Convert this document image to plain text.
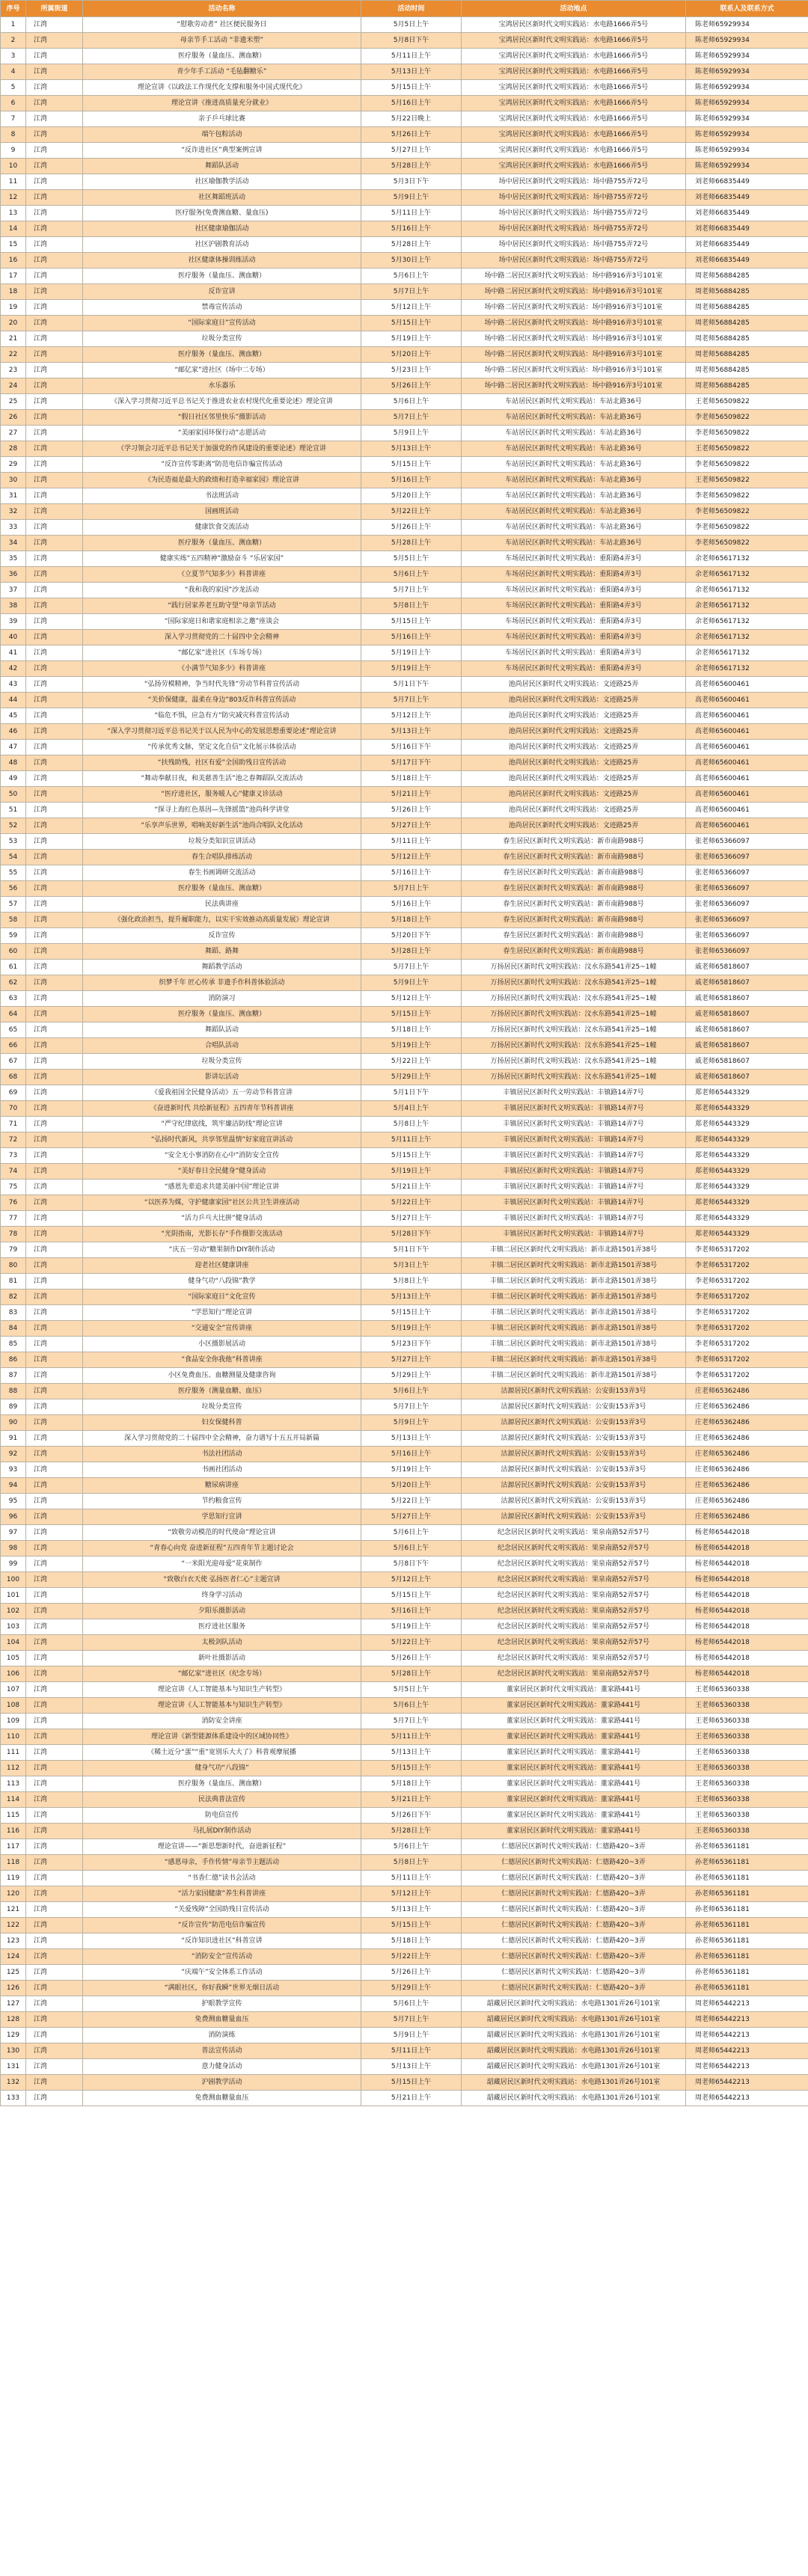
序号	所属街道	活动名称	活动时间	活动地点	联系人及联系方式
1	江湾	“慰歌劳动者” 社区便民服务日	5月5日上午	宝鸿居民区新时代文明实践站：水电路1666弄5号	陈老师65929934
2	江湾	母亲节手工活动 “非遗米塑”	5月8日下午	宝鸿居民区新时代文明实践站：水电路1666弄5号	陈老师65929934
3	江湾	医疗服务（量血压、测血糖）	5月11日上午	宝鸿居民区新时代文明实践站：水电路1666弄5号	陈老师65929934
4	江湾	青少年手工活动 “毛毡翻糖乐”	5月13日上午	宝鸿居民区新时代文明实践站：水电路1666弄5号	陈老师65929934
5	江湾	理论宣讲《以政法工作现代化支撑和服务中国式现代化》	5月15日上午	宝鸿居民区新时代文明实践站：水电路1666弄5号	陈老师65929934
6	江湾	理论宣讲《推进高质量充分就业》	5月16日上午	宝鸿居民区新时代文明实践站：水电路1666弄5号	陈老师65929934
7	江湾	亲子乒乓球比赛	5月22日晚上	宝鸿居民区新时代文明实践站：水电路1666弄5号	陈老师65929934
8	江湾	端午包粽活动	5月26日上午	宝鸿居民区新时代文明实践站：水电路1666弄5号	陈老师65929934
9	江湾	“反诈进社区”典型案例宣讲	5月27日上午	宝鸿居民区新时代文明实践站：水电路1666弄5号	陈老师65929934
10	江湾	舞蹈队活动	5月28日上午	宝鸿居民区新时代文明实践站：水电路1666弄5号	陈老师65929934
11	江湾	社区瑜伽教学活动	5月3日下午	场中居民区新时代文明实践站：场中路755弄72号	刘老师66835449
12	江湾	社区舞蹈班活动	5月9日上午	场中居民区新时代文明实践站：场中路755弄72号	刘老师66835449
13	江湾	医疗服务(免费测血糖、量血压)	5月11日上午	场中居民区新时代文明实践站：场中路755弄72号	刘老师66835449
14	江湾	社区健康瑜伽活动	5月16日上午	场中居民区新时代文明实践站：场中路755弄72号	刘老师66835449
15	江湾	社区沪剧教育活动	5月28日上午	场中居民区新时代文明实践站：场中路755弄72号	刘老师66835449
16	江湾	社区健康体操训练活动	5月30日上午	场中居民区新时代文明实践站：场中路755弄72号	刘老师66835449
17	江湾	医疗服务（量血压、测血糖）	5月6日上午	场中路二居民区新时代文明实践站：场中路916弄3号101室	周老师56884285
18	江湾	反诈宣讲	5月7日上午	场中路二居民区新时代文明实践站：场中路916弄3号101室	周老师56884285
19	江湾	禁毒宣传活动	5月12日上午	场中路二居民区新时代文明实践站：场中路916弄3号101室	周老师56884285
20	江湾	“国际家庭日”宣传活动	5月15日上午	场中路二居民区新时代文明实践站：场中路916弄3号101室	周老师56884285
21	江湾	垃圾分类宣传	5月19日上午	场中路二居民区新时代文明实践站：场中路916弄3号101室	周老师56884285
22	江湾	医疗服务（量血压、测血糖）	5月20日上午	场中路二居民区新时代文明实践站：场中路916弄3号101室	周老师56884285
23	江湾	“邮亿家”进社区（场中二专场）	5月23日上午	场中路二居民区新时代文明实践站：场中路916弄3号101室	周老师56884285
24	江湾	水乐器乐	5月26日上午	场中路二居民区新时代文明实践站：场中路916弄3号101室	周老师56884285
25	江湾	《深入学习贯彻习近平总书记关于推进农业农村现代化重要论述》理论宣讲	5月6日上午	车站居民区新时代文明实践站：车站北路36号	王老师56509822
26	江湾	“假日社区邻里快乐”摄影活动	5月7日上午	车站居民区新时代文明实践站：车站北路36号	李老师56509822
27	江湾	“美丽家园环保行动”志愿活动	5月9日上午	车站居民区新时代文明实践站：车站北路36号	李老师56509822
28	江湾	《学习领会习近平总书记关于加强党的作风建设的重要论述》理论宣讲	5月13日上午	车站居民区新时代文明实践站：车站北路36号	王老师56509822
29	江湾	“反诈宣传零距离”防范电信诈骗宣传活动	5月15日上午	车站居民区新时代文明实践站：车站北路36号	李老师56509822
30	江湾	《为民造福是最大的政绩和打造幸福家园》理论宣讲	5月16日上午	车站居民区新时代文明实践站：车站北路36号	王老师56509822
31	江湾	书法班活动	5月20日上午	车站居民区新时代文明实践站：车站北路36号	李老师56509822
32	江湾	国画班活动	5月22日上午	车站居民区新时代文明实践站：车站北路36号	李老师56509822
33	江湾	健康饮食交流活动	5月26日上午	车站居民区新时代文明实践站：车站北路36号	李老师56509822
34	江湾	医疗服务（量血压、测血糖）	5月28日上午	车站居民区新时代文明实践站：车站北路36号	李老师56509822
35	江湾	健康实练“五四精神”激励奋斗 “乐居家园”	5月5日上午	车场居民区新时代文明实践站：重阳路4弄3号	余老师65617132
36	江湾	《立夏节气知多少》科普讲座	5月6日上午	车场居民区新时代文明实践站：重阳路4弄3号	余老师65617132
37	江湾	“我和我的家园”沙龙活动	5月7日上午	车场居民区新时代文明实践站：重阳路4弄3号	余老师65617132
38	江湾	“践行居家养老互助守望”母亲节活动	5月8日上午	车场居民区新时代文明实践站：重阳路4弄3号	余老师65617132
39	江湾	“国际家庭日和谐家庭相亲之邀”座谈会	5月15日上午	车场居民区新时代文明实践站：重阳路4弄3号	余老师65617132
40	江湾	深入学习贯彻党的二十届四中全会精神	5月16日上午	车场居民区新时代文明实践站：重阳路4弄3号	余老师65617132
41	江湾	“邮亿家”进社区（车场专场）	5月19日上午	车场居民区新时代文明实践站：重阳路4弄3号	余老师65617132
42	江湾	《小满节气知多少》科普讲座	5月19日上午	车场居民区新时代文明实践站：重阳路4弄3号	余老师65617132
43	江湾	“弘扬劳模精神，争当时代先锋”劳动节科普宣传活动	5月1日下午	池尚居民区新时代文明实践站：文迹路25弄	高老师65600461
44	江湾	“关价保健康，温柔在身边”803反诈科普宣传活动	5月7日上午	池尚居民区新时代文明实践站：文迹路25弄	高老师65600461
45	江湾	“临危不惧，应急有方”防灾减灾科普宣传活动	5月12日上午	池尚居民区新时代文明实践站：文迹路25弄	高老师65600461
46	江湾	“深入学习贯彻习近平总书记关于以人民为中心的发展思想重要论述”理论宣讲	5月13日上午	池尚居民区新时代文明实践站：文迹路25弄	高老师65600461
47	江湾	“传承优秀文脉，坚定文化自信”文化展示体验活动	5月16日下午	池尚居民区新时代文明实践站：文迹路25弄	高老师65600461
48	江湾	“扶残助残，社区有爱”全国助残日宣传活动	5月17日下午	池尚居民区新时代文明实践站：文迹路25弄	高老师65600461
49	江湾	“舞动奉献日夜，和美慈善生活”池之春舞蹈队交流活动	5月18日上午	池尚居民区新时代文明实践站：文迹路25弄	高老师65600461
50	江湾	“医疗进社区，服务暖人心”健康义诊活动	5月21日上午	池尚居民区新时代文明实践站：文迹路25弄	高老师65600461
51	江湾	“探寻上海红色基因—先锋摇篮”池尚科学讲堂	5月26日上午	池尚居民区新时代文明实践站：文迹路25弄	高老师65600461
52	江湾	“乐享声乐世界，唱响美好新生活”池尚合唱队文化活动	5月27日上午	池尚居民区新时代文明实践站：文迹路25弄	高老师65600461
53	江湾	垃圾分类知识宣讲活动	5月11日上午	春生居民区新时代文明实践站：新市南路988号	张老师65366097
54	江湾	春生合唱队排练活动	5月12日上午	春生居民区新时代文明实践站：新市南路988号	张老师65366097
55	江湾	春生书画调研交流活动	5月16日上午	春生居民区新时代文明实践站：新市南路988号	张老师65366097
56	江湾	医疗服务（量血压、测血糖）	5月7日上午	春生居民区新时代文明实践站：新市南路988号	张老师65366097
57	江湾	民法典讲座	5月16日上午	春生居民区新时代文明实践站：新市南路988号	张老师65366097
58	江湾	《强化政治担当，提升履职能力，以实干实效推动高质量发展》理论宣讲	5月18日上午	春生居民区新时代文明实践站：新市南路988号	张老师65366097
59	江湾	反诈宣传	5月20日下午	春生居民区新时代文明实践站：新市南路988号	张老师65366097
60	江湾	舞蹈、路舞	5月28日上午	春生居民区新时代文明实践站：新市南路988号	张老师65366097
61	江湾	舞蹈教学活动	5月7日上午	万扬居民区新时代文明实践站：汶水东路541弄25~1幢	戚老师65818607
62	江湾	织梦千年 匠心传承 非遗手作科普体验活动	5月9日上午	万扬居民区新时代文明实践站：汶水东路541弄25~1幢	戚老师65818607
63	江湾	消防演习	5月12日上午	万扬居民区新时代文明实践站：汶水东路541弄25~1幢	戚老师65818607
64	江湾	医疗服务（量血压、测血糖）	5月15日上午	万扬居民区新时代文明实践站：汶水东路541弄25~1幢	戚老师65818607
65	江湾	舞蹈队活动	5月18日上午	万扬居民区新时代文明实践站：汶水东路541弄25~1幢	戚老师65818607
66	江湾	合唱队活动	5月19日上午	万扬居民区新时代文明实践站：汶水东路541弄25~1幢	戚老师65818607
67	江湾	垃圾分类宣传	5月22日上午	万扬居民区新时代文明实践站：汶水东路541弄25~1幢	戚老师65818607
68	江湾	影讲坛活动	5月29日上午	万扬居民区新时代文明实践站：汶水东路541弄25~1幢	戚老师65818607
69	江湾	《爱我祖国全民健身活动》五一劳动节科普宣讲	5月1日下午	丰镇居民区新时代文明实践站：丰镇路14弄7号	郑老师65443329
70	江湾	《奋进新时代 共绘新征程》五四青年节科普讲座	5月4日上午	丰镇居民区新时代文明实践站：丰镇路14弄7号	郑老师65443329
71	江湾	“严守纪律底线，筑牢廉洁防线”理论宣讲	5月8日上午	丰镇居民区新时代文明实践站：丰镇路14弄7号	郑老师65443329
72	江湾	“弘扬时代新风，共享邻里温情”好家庭宣讲活动	5月11日上午	丰镇居民区新时代文明实践站：丰镇路14弄7号	郑老师65443329
73	江湾	“安全无小事消防在心中”消防安全宣传	5月15日上午	丰镇居民区新时代文明实践站：丰镇路14弄7号	郑老师65443329
74	江湾	“美好春日全民健身”健身活动	5月19日上午	丰镇居民区新时代文明实践站：丰镇路14弄7号	郑老师65443329
75	江湾	“感恩先辈追求共建美丽中国”理论宣讲	5月21日上午	丰镇居民区新时代文明实践站：丰镇路14弄7号	郑老师65443329
76	江湾	“以医养为媒，守护健康家园”社区公共卫生讲座活动	5月22日上午	丰镇居民区新时代文明实践站：丰镇路14弄7号	郑老师65443329
77	江湾	“活力乒乓大比拼”健身活动	5月27日上午	丰镇居民区新时代文明实践站：丰镇路14弄7号	郑老师65443329
78	江湾	“光阴指南，光影长存”手作摄影交流活动	5月28日下午	丰镇居民区新时代文明实践站：丰镇路14弄7号	郑老师65443329
79	江湾	“庆五一劳动”糖果制作DIY制作活动	5月1日下午	丰镇二居民区新时代文明实践站：新市北路1501弄38号	李老师65317202
80	江湾	迎老社区健康讲座	5月3日上午	丰镇二居民区新时代文明实践站：新市北路1501弄38号	李老师65317202
81	江湾	健身气功“八段锦”教学	5月8日上午	丰镇二居民区新时代文明实践站：新市北路1501弄38号	李老师65317202
82	江湾	“国际家庭日”文化宣传	5月13日上午	丰镇二居民区新时代文明实践站：新市北路1501弄38号	李老师65317202
83	江湾	“学思知行”理论宣讲	5月15日上午	丰镇二居民区新时代文明实践站：新市北路1501弄38号	李老师65317202
84	江湾	“交通安全”宣传讲座	5月19日上午	丰镇二居民区新时代文明实践站：新市北路1501弄38号	李老师65317202
85	江湾	小区摄影展活动	5月23日下午	丰镇二居民区新时代文明实践站：新市北路1501弄38号	李老师65317202
86	江湾	“食品安全你我他”科普讲座	5月27日上午	丰镇二居民区新时代文明实践站：新市北路1501弄38号	李老师65317202
87	江湾	小区免费血压、血糖测量及健康咨询	5月29日上午	丰镇二居民区新时代文明实践站：新市北路1501弄38号	李老师65317202
88	江湾	医疗服务（测量血糖、血压）	5月6日上午	沽源居民区新时代文明实践站：公安街153弄3号	庄老师65362486
89	江湾	垃圾分类宣传	5月7日上午	沽源居民区新时代文明实践站：公安街153弄3号	庄老师65362486
90	江湾	妇女保健科普	5月9日上午	沽源居民区新时代文明实践站：公安街153弄3号	庄老师65362486
91	江湾	深入学习贯彻党的二十届四中全会精神，奋力谱写十五五开局新篇	5月13日上午	沽源居民区新时代文明实践站：公安街153弄3号	庄老师65362486
92	江湾	书法社团活动	5月16日上午	沽源居民区新时代文明实践站：公安街153弄3号	庄老师65362486
93	江湾	书画社团活动	5月19日上午	沽源居民区新时代文明实践站：公安街153弄3号	庄老师65362486
94	江湾	糖尿病讲座	5月20日上午	沽源居民区新时代文明实践站：公安街153弄3号	庄老师65362486
95	江湾	节约粮食宣传	5月22日上午	沽源居民区新时代文明实践站：公安街153弄3号	庄老师65362486
96	江湾	学思知行宣讲	5月27日上午	沽源居民区新时代文明实践站：公安街153弄3号	庄老师65362486
97	江湾	“致敬劳动模范的时代使命”理论宣讲	5月6日上午	纪念居民区新时代文明实践站：果泉南路52弄57号	杨老师65442018
98	江湾	“青春心向党 奋进新征程”五四青年节主题讨论会	5月6日上午	纪念居民区新时代文明实践站：果泉南路52弄57号	杨老师65442018
99	江湾	“一米阳光迎母爱”花束制作	5月8日下午	纪念居民区新时代文明实践站：果泉南路52弄57号	杨老师65442018
100	江湾	“致敬白衣天使 弘扬医者仁心”主题宣讲	5月12日上午	纪念居民区新时代文明实践站：果泉南路52弄57号	杨老师65442018
101	江湾	终身学习活动	5月15日上午	纪念居民区新时代文明实践站：果泉南路52弄57号	杨老师65442018
102	江湾	夕阳乐摄影活动	5月16日上午	纪念居民区新时代文明实践站：果泉南路52弄57号	杨老师65442018
103	江湾	医疗进社区服务	5月19日上午	纪念居民区新时代文明实践站：果泉南路52弄57号	杨老师65442018
104	江湾	太极剑队活动	5月22日上午	纪念居民区新时代文明实践站：果泉南路52弄57号	杨老师65442018
105	江湾	新叶社摄影活动	5月26日上午	纪念居民区新时代文明实践站：果泉南路52弄57号	杨老师65442018
106	江湾	“邮亿家”进社区（纪念专场）	5月28日上午	纪念居民区新时代文明实践站：果泉南路52弄57号	杨老师65442018
107	江湾	理论宣讲《人工智能基本与知识生产转型》	5月5日上午	董家居民区新时代文明实践站：董家路441号	王老师65360338
108	江湾	理论宣讲《人工智能基本与知识生产转型》	5月6日上午	董家居民区新时代文明实践站：董家路441号	王老师65360338
109	江湾	消防安全讲座	5月7日上午	董家居民区新时代文明实践站：董家路441号	王老师65360338
110	江湾	理论宣讲《新型能源体系建设中的区域协同性》	5月11日上午	董家居民区新时代文明实践站：董家路441号	王老师65360338
111	江湾	《稀土近分“蛋”“重”宽别乐大大了》科普观摩展播	5月13日上午	董家居民区新时代文明实践站：董家路441号	王老师65360338
112	江湾	健身气功“八段锦”	5月15日上午	董家居民区新时代文明实践站：董家路441号	王老师65360338
113	江湾	医疗服务（量血压、测血糖）	5月18日上午	董家居民区新时代文明实践站：董家路441号	王老师65360338
114	江湾	民法典普法宣传	5月21日上午	董家居民区新时代文明实践站：董家路441号	王老师65360338
115	江湾	防电信宣传	5月26日下午	董家居民区新时代文明实践站：董家路441号	王老师65360338
116	江湾	马扎展DIY制作活动	5月28日上午	董家居民区新时代文明实践站：董家路441号	王老师65360338
117	江湾	理论宣讲——“新思想新时代，奋进新征程”	5月6日上午	仁德居民区新时代文明实践站：仁德路420~3弄	孙老师65361181
118	江湾	“感恩母亲，手作传情”母亲节主题活动	5月8日上午	仁德居民区新时代文明实践站：仁德路420~3弄	孙老师65361181
119	江湾	“书香仁德”读书会活动	5月11日上午	仁德居民区新时代文明实践站：仁德路420~3弄	孙老师65361181
120	江湾	“活力家园健康”养生科普讲座	5月12日上午	仁德居民区新时代文明实践站：仁德路420~3弄	孙老师65361181
121	江湾	“关爱残障”全国助残日宣传活动	5月13日上午	仁德居民区新时代文明实践站：仁德路420~3弄	孙老师65361181
122	江湾	“反诈宣传”防范电信诈骗宣传	5月15日上午	仁德居民区新时代文明实践站：仁德路420~3弄	孙老师65361181
123	江湾	“反诈知识进社区”科普宣讲	5月18日上午	仁德居民区新时代文明实践站：仁德路420~3弄	孙老师65361181
124	江湾	“消防安全”宣传活动	5月22日上午	仁德居民区新时代文明实践站：仁德路420~3弄	孙老师65361181
125	江湾	“庆端午”安全体系工作活动	5月26日上午	仁德居民区新时代文明实践站：仁德路420~3弄	孙老师65361181
126	江湾	“满眼社区，你好我瞬”世界无烟日活动	5月29日上午	仁德居民区新时代文明实践站：仁德路420~3弄	孙老师65361181
127	江湾	护眼教学宣传	5月6日上午	韶藏居民区新时代文明实践站：水电路1301弄26号101室	周老师65442213
128	江湾	免费测血糖量血压	5月7日上午	韶藏居民区新时代文明实践站：水电路1301弄26号101室	周老师65442213
129	江湾	消防演练	5月9日上午	韶藏居民区新时代文明实践站：水电路1301弄26号101室	周老师65442213
130	江湾	普法宣传活动	5月11日上午	韶藏居民区新时代文明实践站：水电路1301弄26号101室	周老师65442213
131	江湾	意力健身活动	5月13日上午	韶藏居民区新时代文明实践站：水电路1301弄26号101室	周老师65442213
132	江湾	沪剧教学活动	5月15日上午	韶藏居民区新时代文明实践站：水电路1301弄26号101室	周老师65442213
133	江湾	免费测血糖量血压	5月21日上午	韶藏居民区新时代文明实践站：水电路1301弄26号101室	周老师65442213
